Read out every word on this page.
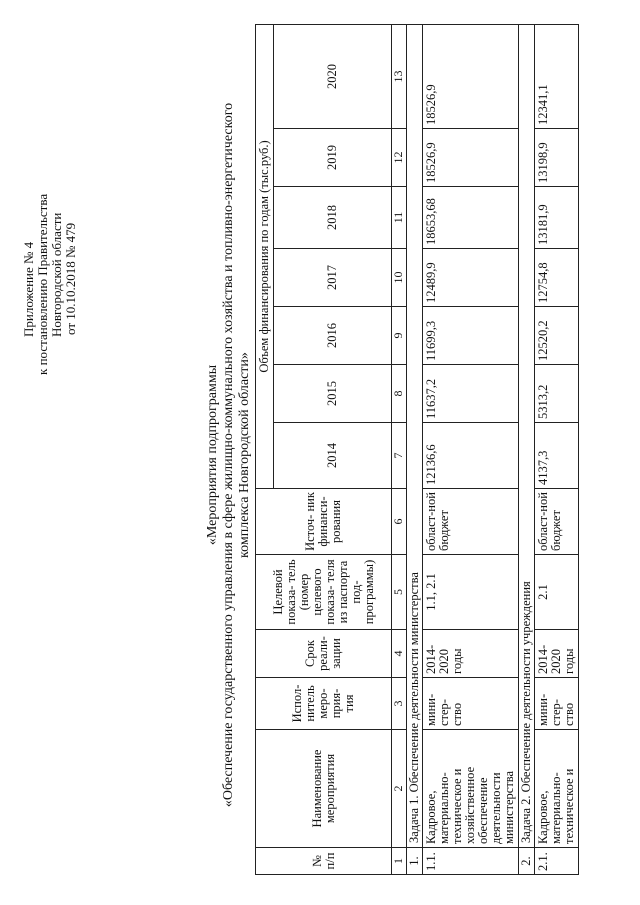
Приложение № 4 к постановлению Правительства Новгородской области от 10.10.2018 № 479
«Мероприятия подпрограммы «Обеспечение государственного управления в сфере жилищно-коммунального хозяйства и топливно-энергетического комплекса Новгородской области»
№ п/п	Наименование мероприятия	Испол- нитель меро- прия- тия	Срок реали- зации	Целевой показа- тель (номер целевого показа- теля из паспорта под- программы)	Источ- ник финанси- рования	Объем финансирования по годам (тыс.руб.)						
						2014	2015	2016	2017	2018	2019	2020
1	2	3	4	5	6	7	8	9	10	11	12	13
1.	Задача 1. Обеспечение деятельности министерства											
1.1.	Кадровое, материально-техническое и хозяйственное обеспечение деятельности министерства	мини-стер-ство	2014-2020 годы	1.1, 2.1	област-ной бюджет	12136,6	11637,2	11699,3	12489,9	18653,68	18526,9	18526,9
2.	Задача 2. Обеспечение деятельности учреждения											
2.1.	Кадровое, материально-техническое и	мини-стер-ство	2014-2020 годы	2.1	област-ной бюджет	4137,3	5313,2	12520,2	12754,8	13181,9	13198,9	12341,1
